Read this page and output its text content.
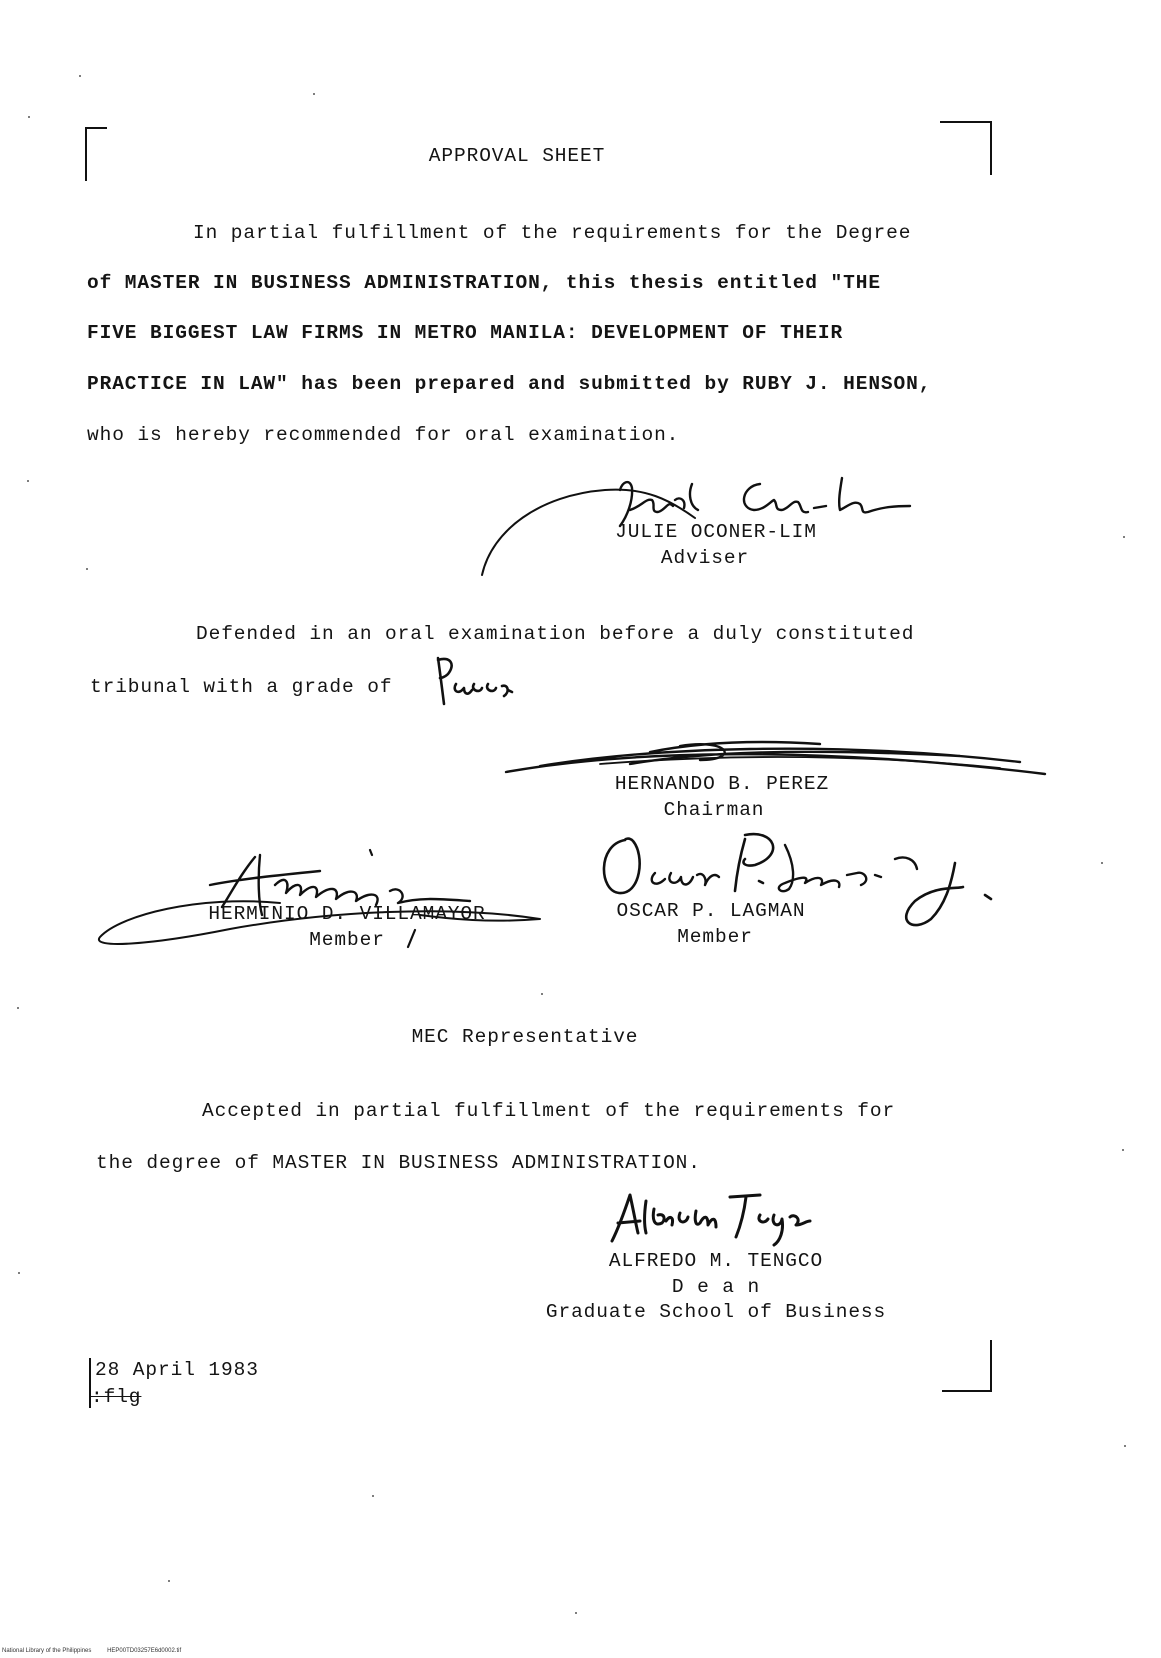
APPROVAL SHEET
In partial fulfillment of the requirements for the Degree
of MASTER IN BUSINESS ADMINISTRATION, this thesis entitled "THE
FIVE BIGGEST LAW FIRMS IN METRO MANILA: DEVELOPMENT OF THEIR
PRACTICE IN LAW" has been prepared and submitted by RUBY J. HENSON,
who is hereby recommended for oral examination.
JULIE OCONER-LIM
Adviser
Defended in an oral examination before a duly constituted
tribunal with a grade of
HERNANDO B. PEREZ
Chairman
HERMINIO D. VILLAMAYOR
Member
OSCAR P. LAGMAN
Member
MEC Representative
Accepted in partial fulfillment of the requirements for
the degree of MASTER IN BUSINESS ADMINISTRATION.
ALFREDO M. TENGCO
D e a n
Graduate School of Business
28 April 1983
:flg
National Library of the Philippines	HEP00TD03257E6d0002.tif
